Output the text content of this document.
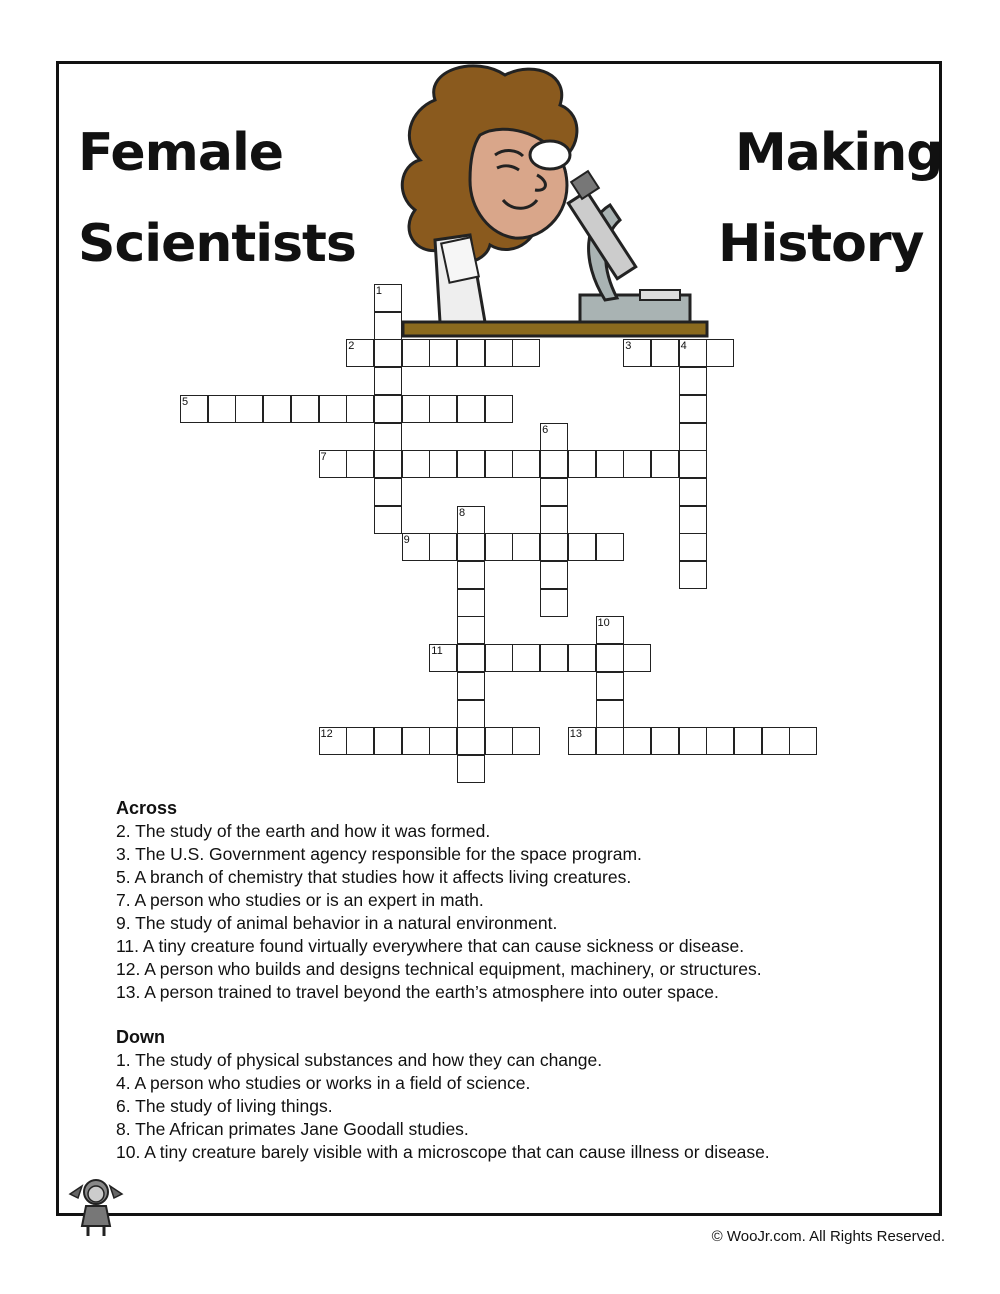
Female
Scientists
Making
History
1
2	3	4
5
6
7
8
9
10
11
12	13
Across
2. The study of the earth and how it was formed.
3. The U.S. Government agency responsible for the space program.
5. A branch of chemistry that studies how it affects living creatures.
7. A person who studies or is an expert in math.
9. The study of animal behavior in a natural environment.
11. A tiny creature found virtually everywhere that can cause sickness or disease.
12. A person who builds and designs technical equipment, machinery, or structures.
13. A person trained to travel beyond the earth’s atmosphere into outer space.
Down
1. The study of physical substances and how they can change.
4. A person who studies or works in a field of science.
6. The study of living things.
8. The African primates Jane Goodall studies.
10. A tiny creature barely visible with a microscope that can cause illness or disease.
© WooJr.com. All Rights Reserved.
